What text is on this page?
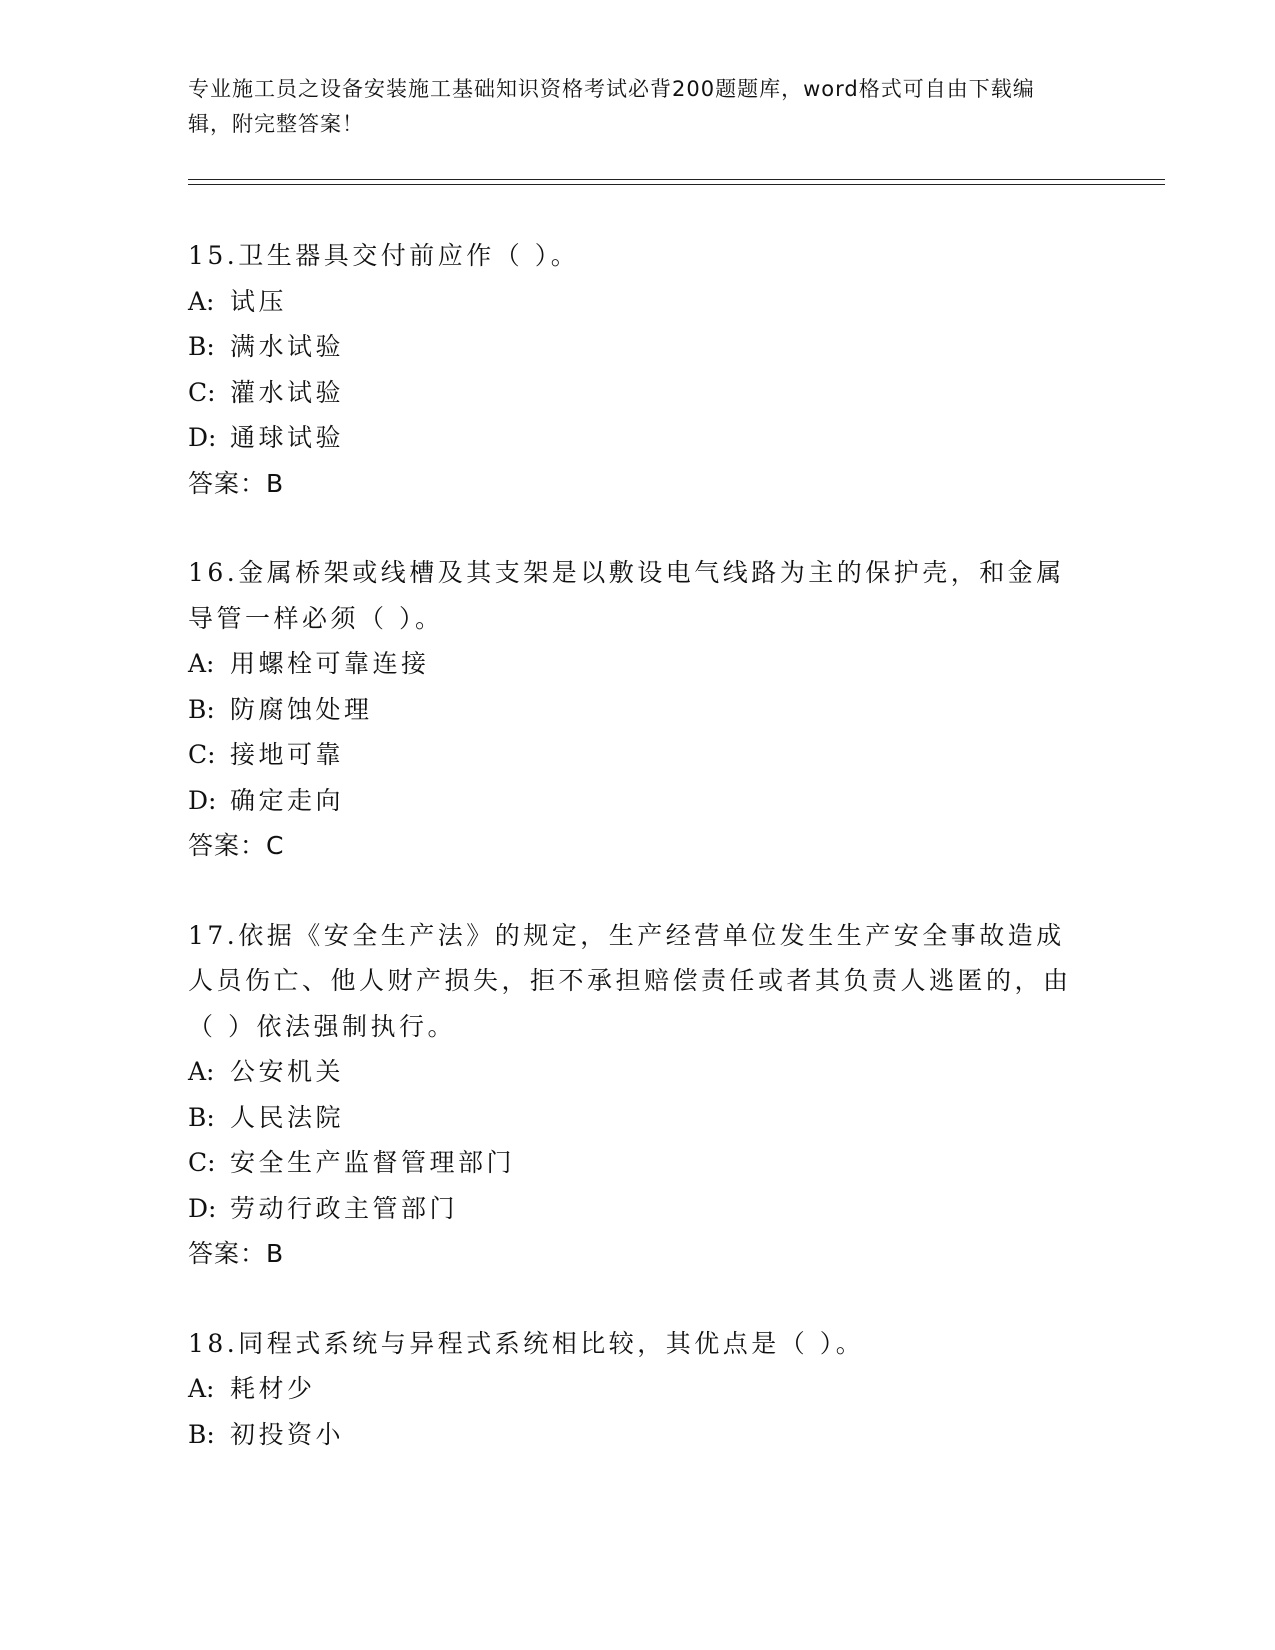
专业施工员之设备安装施工基础知识资格考试必背200题题库，word格式可自由下载编辑，附完整答案！

15.卫生器具交付前应作（ ）。

A: 试压

B: 满水试验

C: 灌水试验

D: 通球试验

答案：B

16.金属桥架或线槽及其支架是以敷设电气线路为主的保护壳，和金属导管一样必须（ ）。

A: 用螺栓可靠连接

B: 防腐蚀处理

C: 接地可靠

D: 确定走向

答案：C

17.依据《安全生产法》的规定，生产经营单位发生生产安全事故造成人员伤亡、他人财产损失，拒不承担赔偿责任或者其负责人逃匿的，由（ ）依法强制执行。

A: 公安机关

B: 人民法院

C: 安全生产监督管理部门

D: 劳动行政主管部门

答案：B

18.同程式系统与异程式系统相比较，其优点是（ ）。

A: 耗材少

B: 初投资小
